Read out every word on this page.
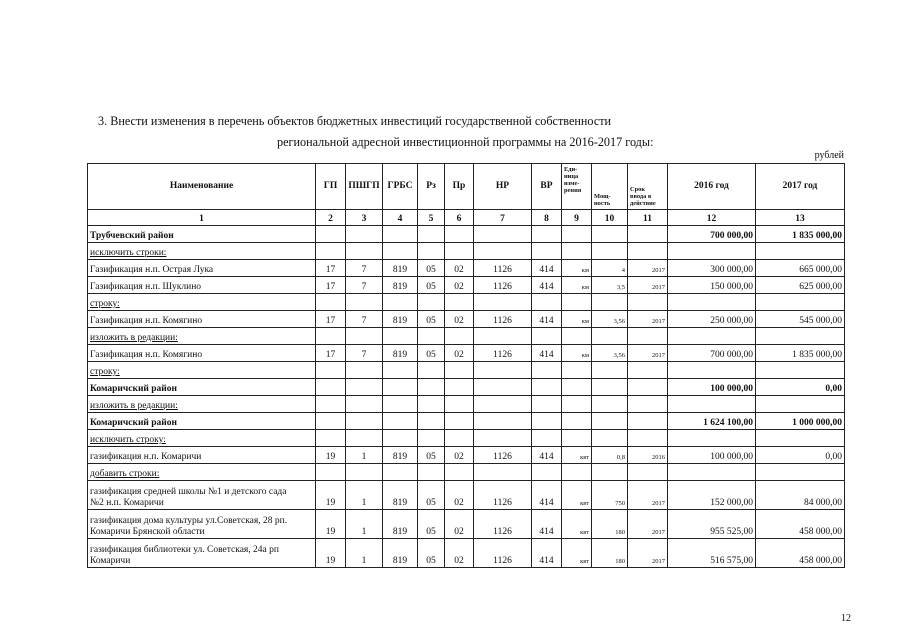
3. Внести изменения в перечень объектов бюджетных инвестиций государственной собственности
региональной адресной инвестиционной программы на 2016-2017 годы:
рублей
Наименование	ГП	ПШГП	ГРБС	Рз	Пр	НР	ВР	Еди-
ница
изме-
рения	Мощ-
ность	Срок
ввода в
действие	2016 год	2017 год
1	2	3	4	5	6	7	8	9	10	11	12	13
Трубчевский район											700 000,00	1 835 000,00
исключить строки:												
Газификация н.п. Острая Лука	17	7	819	05	02	1126	414	км	4	2017	300 000,00	665 000,00
Газификация н.п. Шуклино	17	7	819	05	02	1126	414	км	3,5	2017	150 000,00	625 000,00
строку:												
Газификация н.п. Комягино	17	7	819	05	02	1126	414	км	3,56	2017	250 000,00	545 000,00
изложить в редакции:												
Газификация н.п. Комягино	17	7	819	05	02	1126	414	км	3,56	2017	700 000,00	1 835 000,00
строку:												
Комаричский район											100 000,00	0,00
изложить в редакции:												
Комаричский район											1 624 100,00	1 000 000,00
исключить строку:												
газификация н.п. Комаричи	19	1	819	05	02	1126	414	квт	0,8	2016	100 000,00	0,00
добавить строки:												
газификация средней школы №1 и детского сада
№2 н.п. Комаричи	19	1	819	05	02	1126	414	квт	750	2017	152 000,00	84 000,00
газификация дома культуры ул.Советская, 28 рп.
Комаричи Брянской области	19	1	819	05	02	1126	414	квт	180	2017	955 525,00	458 000,00
газификация библиотеки ул. Советская, 24а рп
Комаричи	19	1	819	05	02	1126	414	квт	180	2017	516 575,00	458 000,00
12
